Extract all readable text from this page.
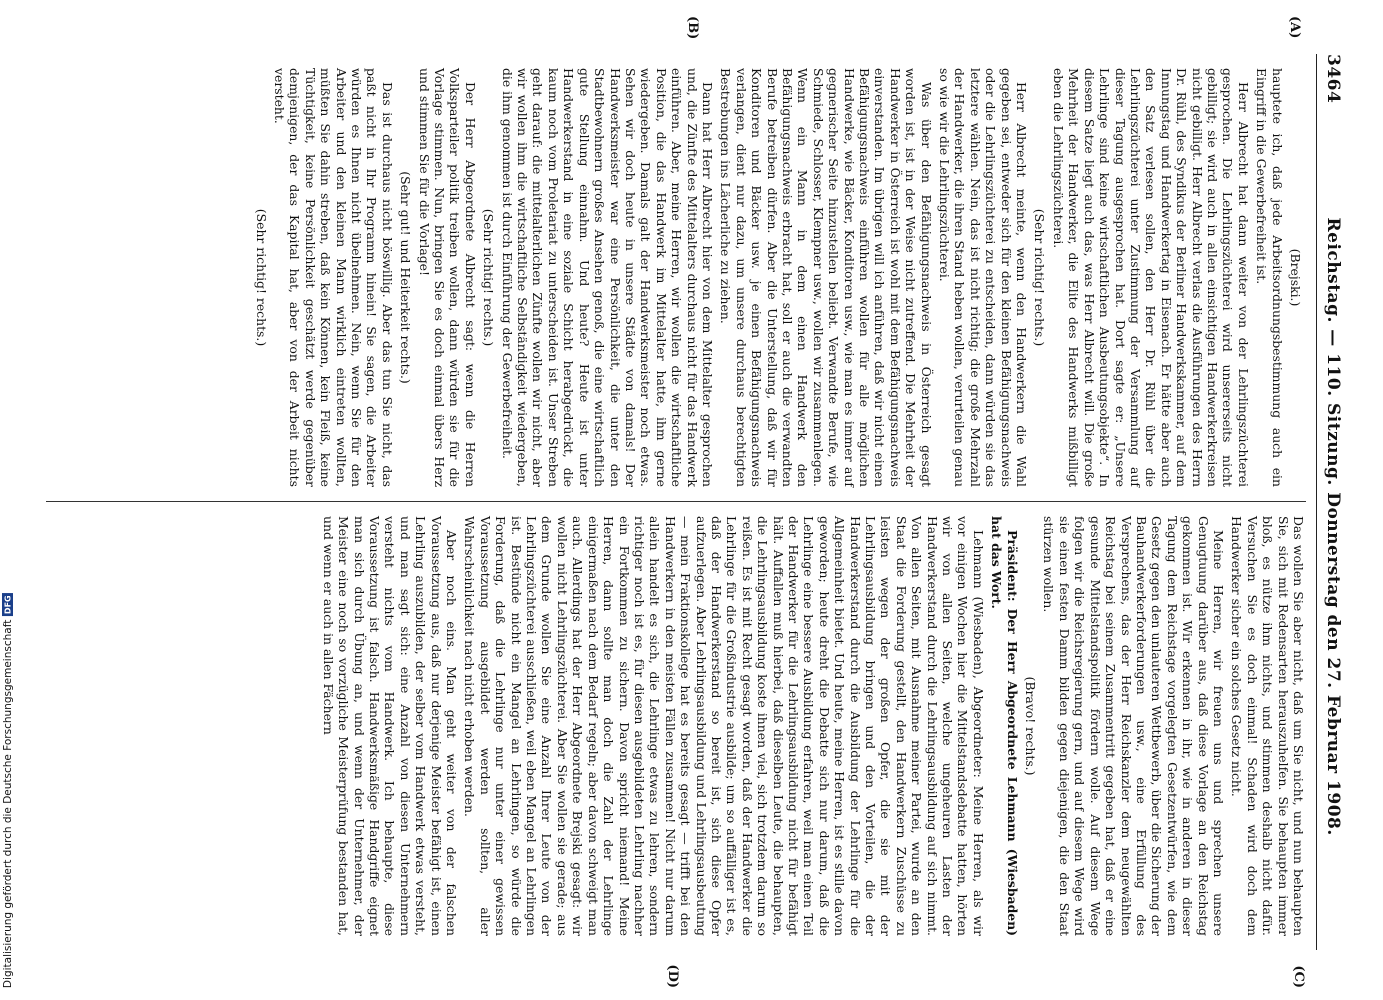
3464
Reichstag. — 110. Sitzung. Donnerstag den 27. Februar 1908.
(A)
(B)
(C)
(D)

(Brejski.)

hauptete ich, daß jede Arbeitsordnungsbestimmung auch ein Eingriff in die Gewerbefreiheit ist.

Herr Albrecht hat dann weiter von der Lehrlingszüchterei gesprochen. Die Lehrlingszüchterei wird unsererseits nicht gebilligt; sie wird auch in allen einsichtigen Handwerkerkreisen nicht gebilligt. Herr Albrecht verlas die Ausführungen des Herrn Dr. Rühl, des Syndikus der Berliner Handwerkskammer, auf dem Innungstag und Handwerkertag in Eisenach. Er hätte aber auch den Satz verlesen sollen, den Herr Dr. Rühl über die Lehrlingszüchterei unter Zustimmung der Versammlung auf dieser Tagung ausgesprochen hat. Dort sagte er: „Unsere Lehrlinge sind keine wirtschaftlichen Ausbeutungsobjekte“. In diesem Satze liegt auch das, was Herr Albrecht will. Die große Mehrheit der Handwerker, die Elite des Handwerks mißbilligt eben die Lehrlingszüchterei.

(Sehr richtig! rechts.)

Herr Albrecht meinte, wenn den Handwerkern die Wahl gegeben sei, entweder sich für den kleinen Befähigungsnachweis oder die Lehrlingszüchterei zu entscheiden, dann würden sie das letztere wählen. Nein, das ist nicht richtig; die große Mehrzahl der Handwerker, die ihren Stand heben wollen, verurteilen genau so wie wir die Lehrlingszüchterei.

Was über den Befähigungsnachweis in Österreich gesagt worden ist, ist in der Weise nicht zutreffend. Die Mehrheit der Handwerker in Österreich ist wohl mit dem Befähigungsnachweis einverstanden. Im übrigen will ich anführen, daß wir nicht einen Befähigungsnachweis einführen wollen für alle möglichen Handwerke, wie Bäcker, Konditoren usw., wie man es immer auf gegnerischer Seite hinzustellen beliebt. Verwandte Berufe, wie Schmiede, Schlosser, Klempner usw., wollen wir zusammenlegen. Wenn ein Mann in dem einen Handwerk den Befähigungsnachweis erbracht hat, soll er auch die verwandten Berufe betreiben dürfen. Aber die Unterstellung, daß wir für Konditoren und Bäcker usw. je einen Befähigungsnachweis verlangen, dient nur dazu, um unsere durchaus berechtigten Bestrebungen ins Lächerliche zu ziehen.

Dann hat Herr Albrecht hier von dem Mittelalter gesprochen und, die Zünfte des Mittelalters durchaus nicht für das Handwerk einführen. Aber, meine Herren, wir wollen die wirtschaftliche Position, die das Handwerk im Mittelalter hatte, ihm gerne wiedergeben. Damals galt der Handwerksmeister noch etwas. Sehen wir doch heute in unsere Städte von damals! Der Handwerksmeister war eine Persönlichkeit, die unter den Stadtbewohnern großes Ansehen genoß, die eine wirtschaftlich gute Stellung einnahm. Und heute? Heute ist unter Handwerkerstand in eine soziale Schicht herabgedrückt, die kaum noch vom Proletariat zu unterscheiden ist. Unser Streben geht darauf: die mittelalterlichen Zünfte wollen wir nicht, aber wir wollen ihm die wirtschaftliche Selbständigkeit wiedergeben, die ihm genommen ist durch Einführung der Gewerbefreiheit.

(Sehr richtig! rechts.)

Der Herr Abgeordnete Albrecht sagt: wenn die Herren Volksparteiler politik treiben wollen, dann würden sie für die Vorlage stimmen. Nun, bringen Sie es doch einmal übers Herz und stimmen Sie für die Vorlage!

(Sehr gut! und Heiterkeit rechts.)

Das ist durchaus nicht böswillig. Aber das tun Sie nicht, das paßt nicht in Ihr Programm hinein! Sie sagen, die Arbeiter würden es Ihnen nicht übelnehmen. Nein, wenn Sie für den Arbeiter und den kleinen Mann wirklich eintreten wollten, müßten Sie dahin streben, daß kein Können, kein Fleiß, keine Tüchtigkeit, keine Persönlichkeit geschätzt werde gegenüber demjenigen, der das Kapital hat, aber von der Arbeit nichts versteht.

(Sehr richtig! rechts.)

Das wollen Sie aber nicht, daß um Sie nicht, und nun behaupten Sie, sich mit Redensarten herauszuhelfen. Sie behaupten immer bloß, es nütze ihm nichts, und stimmen deshalb nicht dafür. Versuchen Sie es doch einmal! Schaden wird doch dem Handwerker sicher ein solches Gesetz nicht.

Meine Herren, wir freuen uns und sprechen unsere Genugtuung darüber aus, daß diese Vorlage an den Reichstag gekommen ist. Wir erkennen in ihr, wie in anderen in dieser Tagung dem Reichstage vorgelegten Gesetzentwürfen, wie dem Gesetz gegen den unlauteren Wettbewerb, über die Sicherung der Bauhandwerkerforderungen usw., eine Erfüllung des Versprechens, das der Herr Reichskanzler dem neugewählten Reichstag bei seinem Zusammentritt gegeben hat, daß er eine gesunde Mittelstandspolitik fördern wolle. Auf diesem Wege folgen wir die Reichsregierung gern, und auf diesem Wege wird sie einen festen Damm bilden gegen diejenigen, die den Staat stürzen wollen.

(Bravo! rechts.)

Präsident: Der Herr Abgeordnete Lehmann (Wiesbaden) hat das Wort.

Lehmann (Wiesbaden), Abgeordneter: Meine Herren, als wir vor einigen Wochen hier die Mittelstandsdebatte hatten, hörten wir von allen Seiten, welche ungeheuren Lasten der Handwerkerstand durch die Lehrlingsausbildung auf sich nimmt. Von allen Seiten, mit Ausnahme meiner Partei, wurde an den Staat die Forderung gestellt, den Handwerkern Zuschüsse zu leisten wegen der großen Opfer, die sie mit der Lehrlingsausbildung bringen und den Vorteilen, die der Handwerkerstand durch die Ausbildung der Lehrlinge für die Allgemeinheit bietet. Und heute, meine Herren, ist es stille davon geworden; heute dreht die Debatte sich nur darum, daß die Lehrlinge eine bessere Ausbildung erfahren, weil man einen Teil der Handwerker für die Lehrlingsausbildung nicht für befähigt hält. Auffallen muß hierbei, daß dieselben Leute, die behaupten, die Lehrlingsausbildung koste ihnen viel, sich trotzdem darum so reißen. Es ist mit Recht gesagt worden, daß der Handwerker die Lehrlinge für die Großindustrie ausbilde; um so auffälliger ist es, daß der Handwerkerstand so bereit ist, sich diese Opfer aufzuerlegen. Aber Lehrlingsausbildung und Lehrlingsausbeutung — mein Fraktionskollege hat es bereits gesagt — trifft bei den Handwerkern in den meisten Fällen zusammen! Nicht nur darum allein handelt es sich, die Lehrlinge etwas zu lehren, sondern richtiger noch ist es, für diesen ausgebildeten Lehrling nachher ein Fortkommen zu sichern. Davon spricht niemand! Meine Herren, dann sollte man doch die Zahl der Lehrlinge einigermaßen nach dem Bedarf regeln; aber davon schweigt man auch. Allerdings hat der Herr Abgeordnete Brejski gesagt: wir wollen nicht Lehrlingszüchterei. Aber Sie wollen sie gerade; aus dem Grunde wollen Sie eine Anzahl Ihrer Leute von der Lehrlingszüchterei ausschließen, weil eben Mangel an Lehrlingen ist. Bestünde nicht ein Mangel an Lehrlingen, so würde die Forderung, daß die Lehrlinge nur unter einer gewissen Voraussetzung ausgebildet werden sollten, aller Wahrscheinlichkeit nach nicht erhoben werden.

Aber noch eins. Man geht weiter von der falschen Voraussetzung aus, daß nur derjenige Meister befähigt ist, einen Lehrling auszubilden, der selber vom Handwerk etwas versteht, und man sagt sich: eine Anzahl von diesen Unternehmern versteht nichts vom Handwerk. Ich behaupte, diese Voraussetzung ist falsch. Handwerksmäßige Handgriffe eignet man sich durch Übung an, und wenn der Unternehmer, der Meister eine noch so vorzügliche Meisterprüfung bestanden hat, und wenn er auch in allen Fächern

Digitalisierung gefördert durch die Deutsche Forschungsgemeinschaft
DFG
